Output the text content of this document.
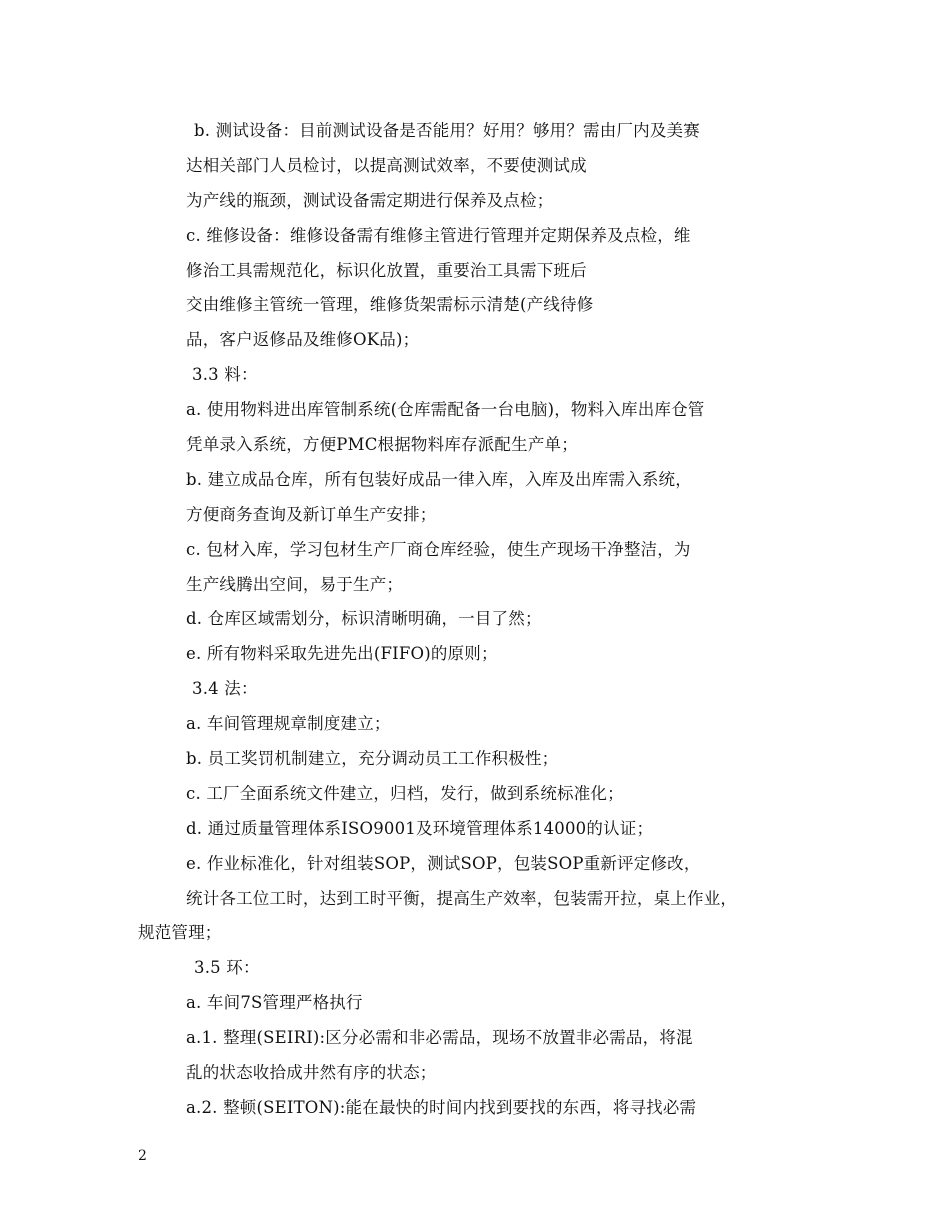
b. 测试设备：目前测试设备是否能用？好用？够用？需由厂内及美赛
达相关部门人员检讨，以提高测试效率，不要使测试成
为产线的瓶颈，测试设备需定期进行保养及点检；
c. 维修设备：维修设备需有维修主管进行管理并定期保养及点检，维
修治工具需规范化，标识化放置，重要治工具需下班后
交由维修主管统一管理，维修货架需标示清楚(产线待修
品，客户返修品及维修OK品)；
3.3 料：
a. 使用物料进出库管制系统(仓库需配备一台电脑)，物料入库出库仓管
凭单录入系统，方便PMC根据物料库存派配生产单；
b. 建立成品仓库，所有包装好成品一律入库，入库及出库需入系统，
方便商务查询及新订单生产安排；
c. 包材入库，学习包材生产厂商仓库经验，使生产现场干净整洁，为
生产线腾出空间，易于生产；
d. 仓库区域需划分，标识清晰明确，一目了然；
e. 所有物料采取先进先出(FIFO)的原则；
3.4 法：
a. 车间管理规章制度建立；
b. 员工奖罚机制建立，充分调动员工工作积极性；
c. 工厂全面系统文件建立，归档，发行，做到系统标准化；
d. 通过质量管理体系ISO9001及环境管理体系14000的认证；
e. 作业标准化，针对组装SOP，测试SOP，包装SOP重新评定修改，
统计各工位工时，达到工时平衡，提高生产效率，包装需开拉，桌上作业，
规范管理；
3.5 环：
a. 车间7S管理严格执行
a.1. 整理(SEIRI):区分必需和非必需品，现场不放置非必需品，将混
乱的状态收拾成井然有序的状态；
a.2. 整顿(SEITON):能在最快的时间内找到要找的东西，将寻找必需
2
